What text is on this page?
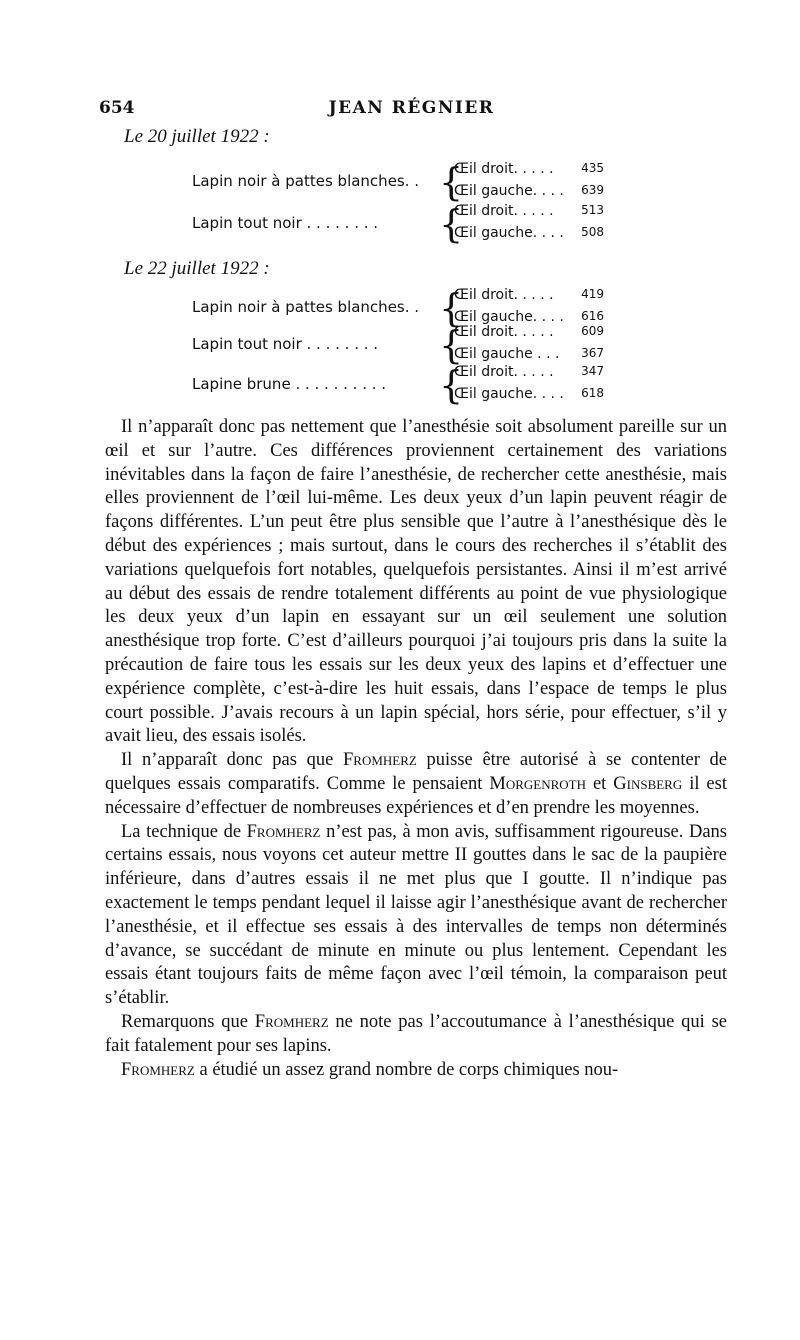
654	JEAN RÉGNIER
Le 20 juillet 1922 :
Lapin noir à pattes blanches. . {
Œil droit. . . . . 435
Œil gauche. . . . 639
Lapin tout noir . . . . . . . . {
Œil droit. . . . . 513
Œil gauche. . . . 508
Le 22 juillet 1922 :
Lapin noir à pattes blanches. . {
Œil droit. . . . . 419
Œil gauche. . . . 616
Lapin tout noir . . . . . . . . {
Œil droit. . . . . 609
Œil gauche . . . 367
Lapine brune . . . . . . . . . . {
Œil droit. . . . . 347
Œil gauche. . . . 618

Il n’apparaît donc pas nettement que l’anesthésie soit absolument pareille sur un œil et sur l’autre. Ces différences proviennent certainement des variations inévitables dans la façon de faire l’anesthésie, de rechercher cette anesthésie, mais elles proviennent de l’œil lui-même. Les deux yeux d’un lapin peuvent réagir de façons différentes. L’un peut être plus sensible que l’autre à l’anesthésique dès le début des expériences ; mais surtout, dans le cours des recherches il s’établit des variations quelquefois fort notables, quelquefois persistantes. Ainsi il m’est arrivé au début des essais de rendre totalement différents au point de vue physiologique les deux yeux d’un lapin en essayant sur un œil seulement une solution anesthésique trop forte. C’est d’ailleurs pourquoi j’ai toujours pris dans la suite la précaution de faire tous les essais sur les deux yeux des lapins et d’effectuer une expérience complète, c’est-à-dire les huit essais, dans l’espace de temps le plus court possible. J’avais recours à un lapin spécial, hors série, pour effectuer, s’il y avait lieu, des essais isolés.

Il n’apparaît donc pas que Fromherz puisse être autorisé à se contenter de quelques essais comparatifs. Comme le pensaient Morgenroth et Ginsberg il est nécessaire d’effectuer de nombreuses expériences et d’en prendre les moyennes.

La technique de Fromherz n’est pas, à mon avis, suffisamment rigoureuse. Dans certains essais, nous voyons cet auteur mettre II gouttes dans le sac de la paupière inférieure, dans d’autres essais il ne met plus que I goutte. Il n’indique pas exactement le temps pendant lequel il laisse agir l’anesthésique avant de rechercher l’anesthésie, et il effectue ses essais à des intervalles de temps non déterminés d’avance, se succédant de minute en minute ou plus lentement. Cependant les essais étant toujours faits de même façon avec l’œil témoin, la comparaison peut s’établir.

Remarquons que Fromherz ne note pas l’accoutumance à l’anesthésique qui se fait fatalement pour ses lapins.

Fromherz a étudié un assez grand nombre de corps chimiques nou-
